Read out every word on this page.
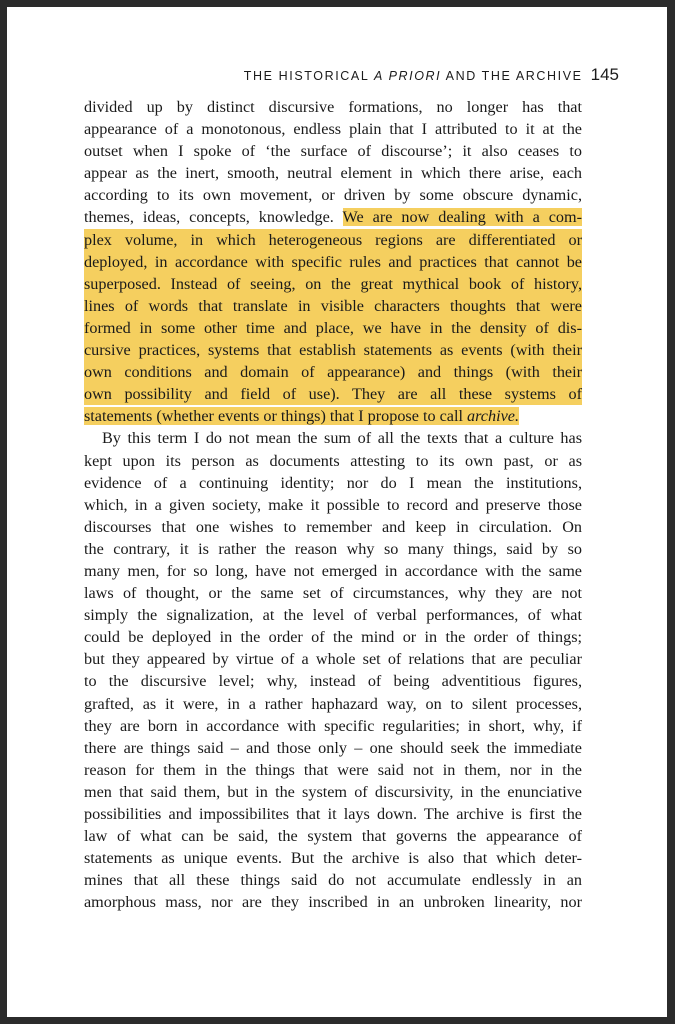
THE HISTORICAL A PRIORI AND THE ARCHIVE 145
divided up by distinct discursive formations, no longer has that
appearance of a monotonous, endless plain that I attributed to it at the
outset when I spoke of ‘the surface of discourse’; it also ceases to
appear as the inert, smooth, neutral element in which there arise, each
according to its own movement, or driven by some obscure dynamic,
themes, ideas, concepts, knowledge. We are now dealing with a com-
plex volume, in which heterogeneous regions are differentiated or
deployed, in accordance with specific rules and practices that cannot be
superposed. Instead of seeing, on the great mythical book of history,
lines of words that translate in visible characters thoughts that were
formed in some other time and place, we have in the density of dis-
cursive practices, systems that establish statements as events (with their
own conditions and domain of appearance) and things (with their
own possibility and field of use). They are all these systems of
statements (whether events or things) that I propose to call archive.
By this term I do not mean the sum of all the texts that a culture has
kept upon its person as documents attesting to its own past, or as
evidence of a continuing identity; nor do I mean the institutions,
which, in a given society, make it possible to record and preserve those
discourses that one wishes to remember and keep in circulation. On
the contrary, it is rather the reason why so many things, said by so
many men, for so long, have not emerged in accordance with the same
laws of thought, or the same set of circumstances, why they are not
simply the signalization, at the level of verbal performances, of what
could be deployed in the order of the mind or in the order of things;
but they appeared by virtue of a whole set of relations that are peculiar
to the discursive level; why, instead of being adventitious figures,
grafted, as it were, in a rather haphazard way, on to silent processes,
they are born in accordance with specific regularities; in short, why, if
there are things said – and those only – one should seek the immediate
reason for them in the things that were said not in them, nor in the
men that said them, but in the system of discursivity, in the enunciative
possibilities and impossibilites that it lays down. The archive is first the
law of what can be said, the system that governs the appearance of
statements as unique events. But the archive is also that which deter-
mines that all these things said do not accumulate endlessly in an
amorphous mass, nor are they inscribed in an unbroken linearity, nor
